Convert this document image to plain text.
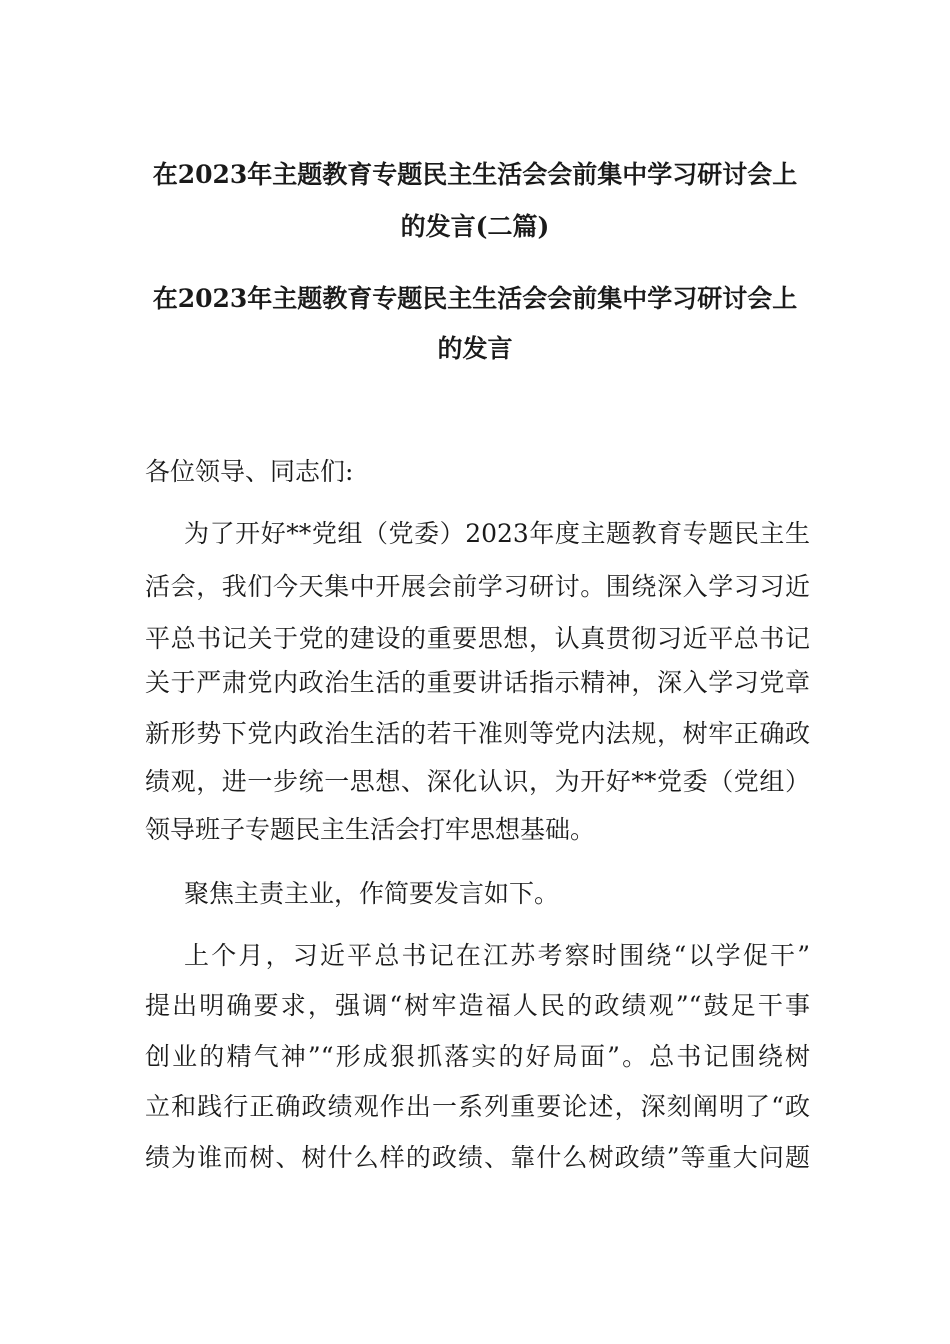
在2023年主题教育专题民主生活会会前集中学习研讨会上
的发言(二篇)
在2023年主题教育专题民主生活会会前集中学习研讨会上
的发言
各位领导、同志们:
为了开好**党组（党委）2023年度主题教育专题民主生
活会，我们今天集中开展会前学习研讨。围绕深入学习习近
平总书记关于党的建设的重要思想，认真贯彻习近平总书记
关于严肃党内政治生活的重要讲话指示精神，深入学习党章
新形势下党内政治生活的若干准则等党内法规，树牢正确政
绩观，进一步统一思想、深化认识，为开好**党委（党组）
领导班子专题民主生活会打牢思想基础。
聚焦主责主业，作简要发言如下。
上个月，习近平总书记在江苏考察时围绕“以学促干”
提出明确要求，强调“树牢造福人民的政绩观”“鼓足干事
创业的精气神”“形成狠抓落实的好局面”。总书记围绕树
立和践行正确政绩观作出一系列重要论述，深刻阐明了“政
绩为谁而树、树什么样的政绩、靠什么树政绩”等重大问题
